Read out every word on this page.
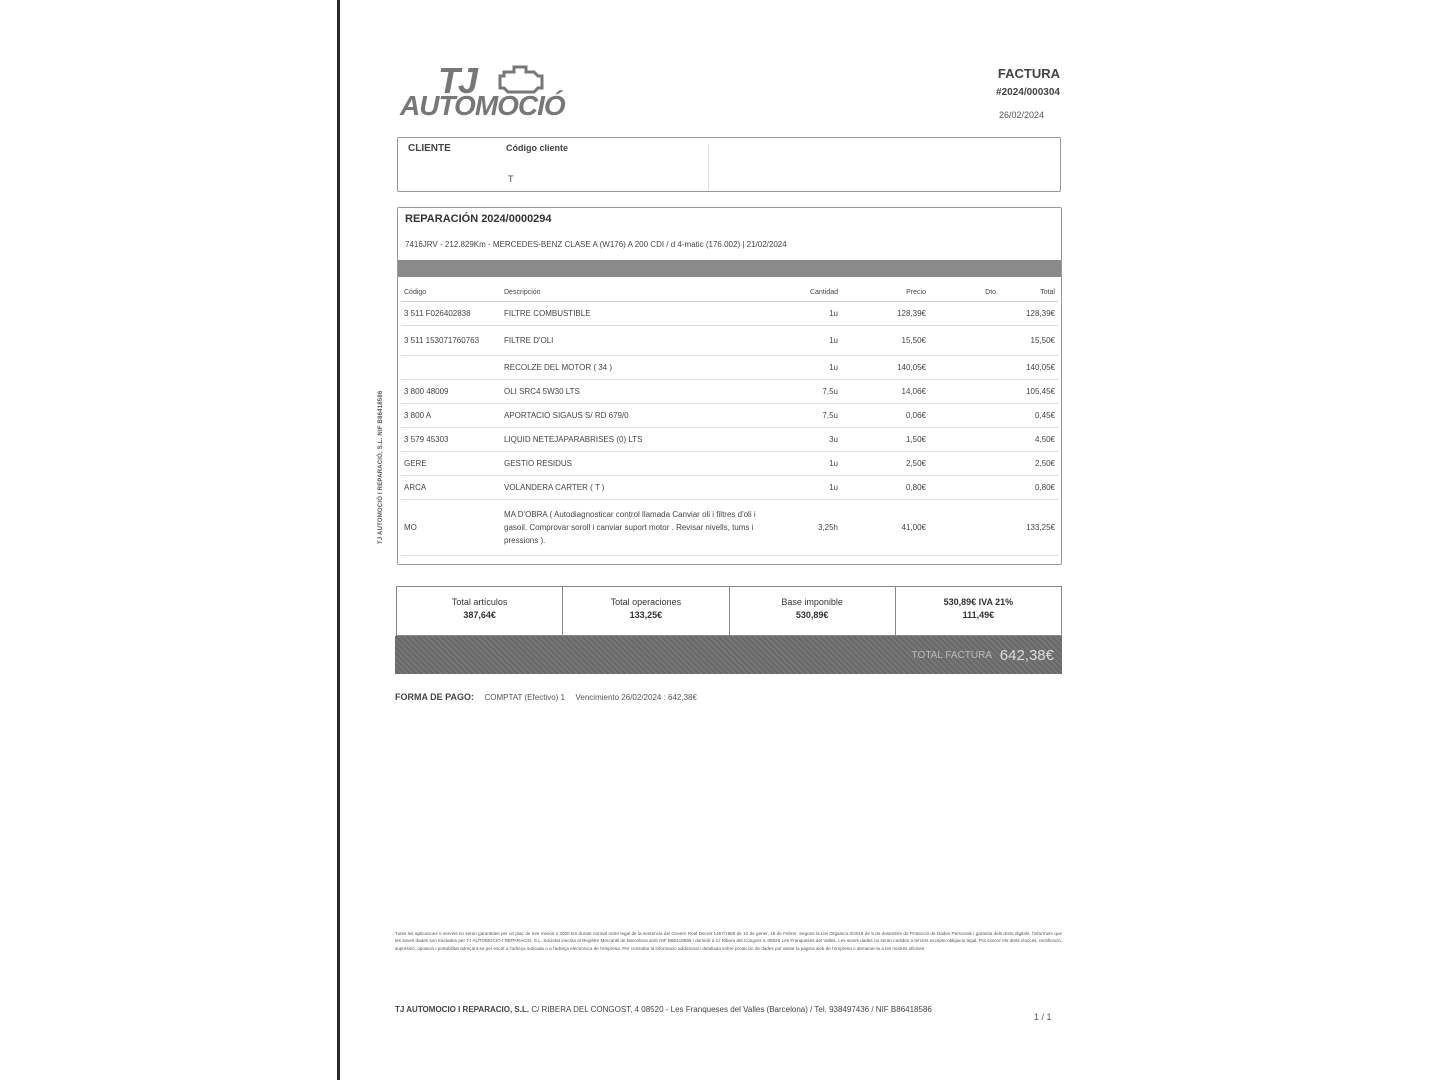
TJ AUTOMOCIÓ I REPARACIÓ, S.L. NIF B86418586
TJ
AUTOMOCIÓ
FACTURA
#2024/000304
26/02/2024
CLIENTE	Código cliente
T
REPARACIÓN 2024/0000294
7416JRV - 212.829Km - MERCEDES-BENZ CLASE A (W176) A 200 CDI / d 4-matic (176.002) | 21/02/2024
Código	Descripción	Cantidad	Precio	Dto.	Total
3 511 F026402838	FILTRE COMBUSTIBLE	1u	128,39€		128,39€
3 511 153071760763	FILTRE D'OLI	1u	15,50€		15,50€
	RECOLZE DEL MOTOR ( 34 )	1u	140,05€		140,05€
3 800 48009	OLI SRC4 5W30 LTS	7,5u	14,06€		105,45€
3 800 A	APORTACIO SIGAUS S/ RD 679/0	7,5u	0,06€		0,45€
3 579 45303	LIQUID NETEJAPARABRISES (0) LTS	3u	1,50€		4,50€
GERE	GESTIO RESIDUS	1u	2,50€		2,50€
ARCA	VOLANDERA CARTER ( T )	1u	0,80€		0,80€
MO	MA D'OBRA ( Autodiagnosticar control llamada Canviar oli i filtres d'oli i gasoil. Comprovar soroll i canviar suport motor . Revisar nivells, tums i pressions ).	3,25h	41,00€		133,25€
Total artículos
387,64€
Total operaciones
133,25€
Base imponible
530,89€
530,89€ IVA 21%
111,49€
TOTAL FACTURA 642,38€
FORMA DE PAGO: COMPTAT (Efectivo) 1 Vencimiento 26/02/2024 : 642,38€
Tutes les aplicacions o serveis no seran garantides per un plac de tres mesos o 2000 km durant normal ordre legal de la sentencia del Govern Real Decret 1457/1986 de 10 de gener, 18 de Febrer. Segons la Llei Organica 3/2018 de 5 de desembre de Protecció de Dades Personals i garantia dels drets digitals, l'informem que les seves dades son tractades per TJ AUTOMOCIO I REPARACIO, S.L. Societat inscrita al Registre Mercantil de Barcelona amb NIF B86418586 i domicili a C/ Ribera del Congost 4, 08520 Les Franqueses del Valles. Les seves dades no seran cedides a tercers excepte obligacio legal. Pot exercir els drets d'accés, rectificació, supressió, oposició i portabilitat adreçant-se per escrit a l'adreça indicada o a l'adreça electronica de l'empresa. Per consultar la informacio addicional i detallada sobre proteccio de dades pot visitar la pagina web de l'empresa o demanar-la a les nostres oficines.
TJ AUTOMOCIO I REPARACIO, S.L. C/ RIBERA DEL CONGOST, 4 08520 - Les Franqueses del Valles (Barcelona) / Tel. 938497436 / NIF B86418586
1 / 1
